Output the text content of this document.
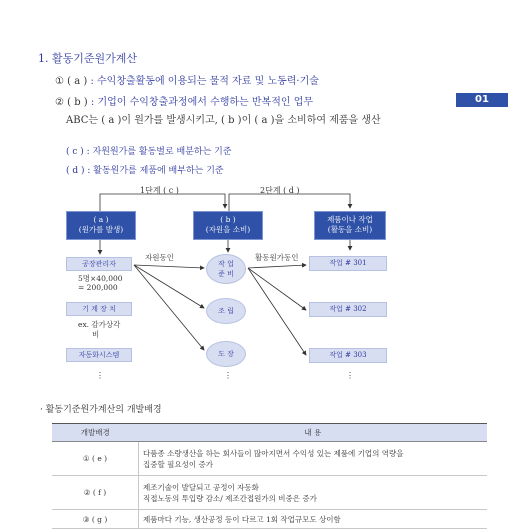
1. 활동기준원가계산
01
① ( a ) : 수익창출활동에 이용되는 물적 자료 및 노동력·기술
② ( b ) : 기업이 수익창출과정에서 수행하는 반복적인 업무
ABC는 ( a )이 원가를 발생시키고, ( b )이 ( a )을 소비하여 제품을 생산
( c ) : 자원원가를 활동별로 배분하는 기준
( d ) : 활동원가를 제품에 배부하는 기준
1단계 ( c )	2단계 ( d )
( a )
(원가를 발생)
( b )
(자원을 소비)
제품이나 작업
(활동을 소비)
자원동인	활동원가동인
공장관리자
5명×40,000
= 200,000
기 계 장 치
ex. 감가상각
비
자동화시스템
⋮
작 업
준 비
조 립
도 장
⋮
작업 # 301
작업 # 302
작업 # 303
⋮
· 활동기준원가계산의 개발배경
개발배경	내 용
① ( e )	다품종 소량생산을 하는 회사들이 많아지면서 수익성 있는 제품에 기업의 역량을
집중할 필요성이 증가

② ( f )	제조기술이 발달되고 공정이 자동화
직접노동의 투입량 감소/ 제조간접원가의 비중은 증가

③ ( g )	제품마다 기능, 생산공정 등이 다르고 1회 작업규모도 상이함
